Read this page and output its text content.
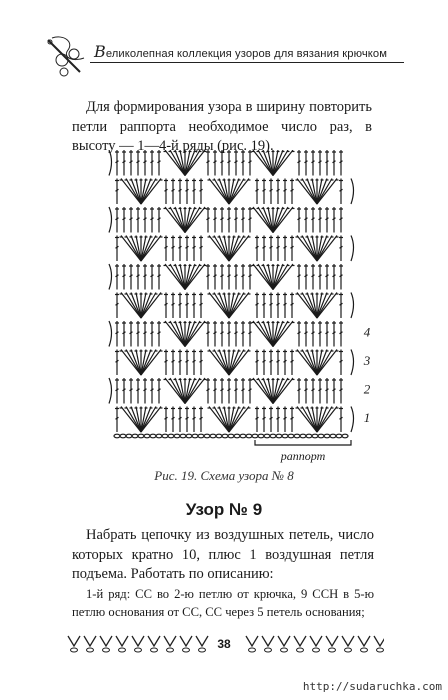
Великолепная коллекция узоров для вязания крючком
Для формирования узора в ширину повторить петли раппорта необходимое число раз, в высоту — 1—4-й ряды (рис. 19).
раппорт
1
2
3
4
Рис. 19. Схема узора № 8
Узор № 9
Набрать цепочку из воздушных петель, число которых кратно 10, плюс 1 воздушная петля подъема. Работать по описанию:
1-й ряд: СС во 2-ю петлю от крючка, 9 ССН в 5-ю петлю основания от СС, СС через 5 петель основания;
38
http://sudaruchka.com
